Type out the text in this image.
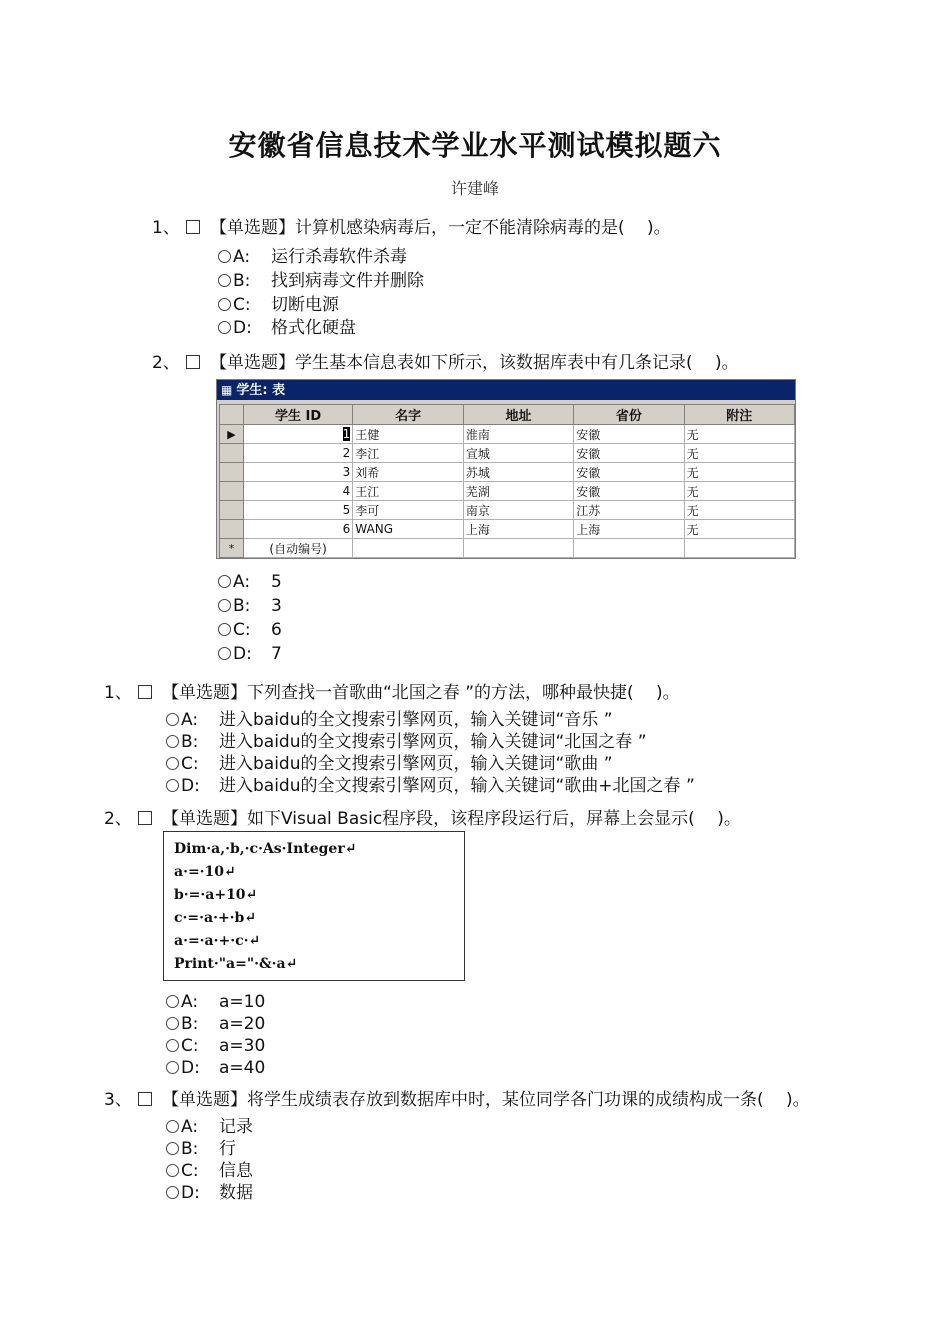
安徽省信息技术学业水平测试模拟题六
许建峰
1、 【单选题】计算机感染病毒后，一定不能清除病毒的是(　 )。
A: 运行杀毒软件杀毒
B: 找到病毒文件并删除
C: 切断电源
D: 格式化硬盘
2、 【单选题】学生基本信息表如下所示，该数据库表中有几条记录(　 )。
▦ 学生: 表
	学生 ID	名字	地址	省份	附注
▶	1	王健	淮南	安徽	无
	2	李江	宣城	安徽	无
	3	刘希	苏城	安徽	无
	4	王江	芜湖	安徽	无
	5	李可	南京	江苏	无
	6	WANG	上海	上海	无
*	(自动编号)				
A: 5
B: 3
C: 6
D: 7
1、 【单选题】下列查找一首歌曲“北国之春 ”的方法，哪种最快捷(　 )。
A: 进入baidu的全文搜索引擎网页，输入关键词“音乐 ”
B: 进入baidu的全文搜索引擎网页，输入关键词“北国之春 ”
C: 进入baidu的全文搜索引擎网页，输入关键词“歌曲 ”
D: 进入baidu的全文搜索引擎网页，输入关键词“歌曲+北国之春 ”
2、 【单选题】如下Visual Basic程序段，该程序段运行后，屏幕上会显示(　 )。
Dim·a,·b,·c·As·Integer↵
a·=·10↵
b·=·a+10↵
c·=·a·+·b↵
a·=·a·+·c·↵
Print·"a="·&·a↵
A: a=10
B: a=20
C: a=30
D: a=40
3、 【单选题】将学生成绩表存放到数据库中时，某位同学各门功课的成绩构成一条(　 )。
A: 记录
B: 行
C: 信息
D: 数据
